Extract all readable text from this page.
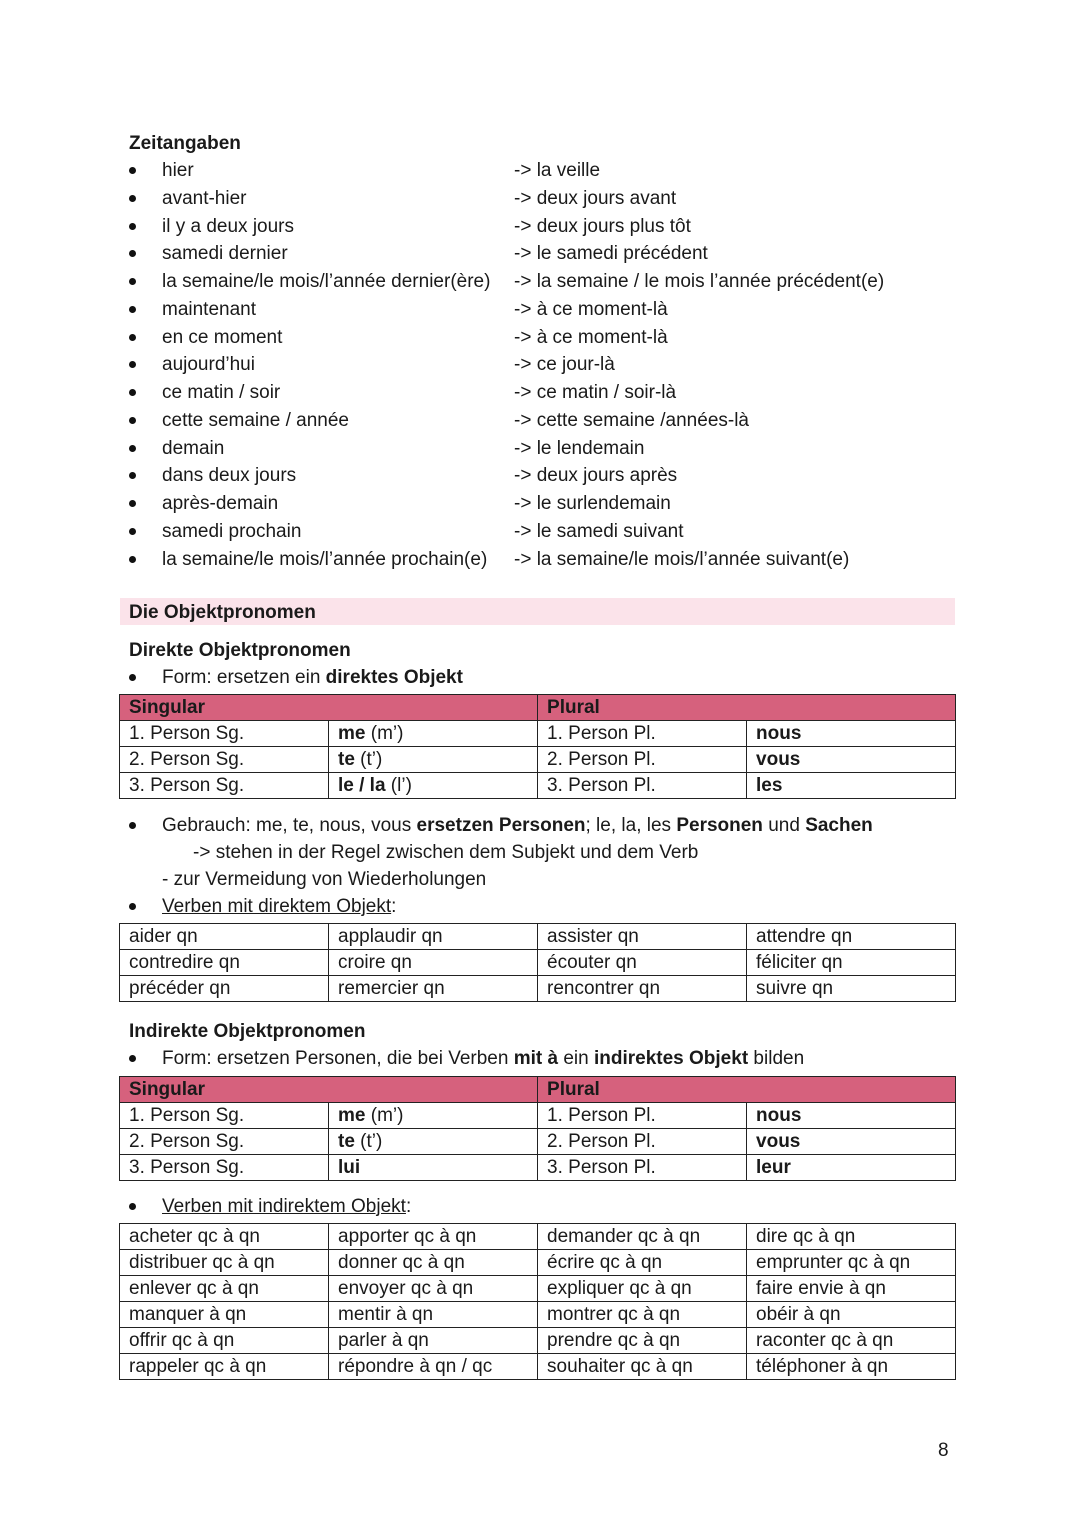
Zeitangaben
hier	-> la veille
avant-hier	-> deux jours avant
il y a deux jours	-> deux jours plus tôt
samedi dernier	-> le samedi précédent
la semaine/le mois/l’année dernier(ère) -> la semaine / le mois l’année précédent(e)
maintenant	-> à ce moment-là
en ce moment	-> à ce moment-là
aujourd’hui	-> ce jour-là
ce matin / soir	-> ce matin / soir-là
cette semaine / année	-> cette semaine /années-là
demain	-> le lendemain
dans deux jours	-> deux jours après
après-demain	-> le surlendemain
samedi prochain	-> le samedi suivant
la semaine/le mois/l’année prochain(e) -> la semaine/le mois/l’année suivant(e)
Die Objektpronomen
Direkte Objektpronomen
Form: ersetzen ein direktes Objekt
Singular		Plural	
1. Person Sg.	me (m’)	1. Person Pl.	nous
2. Person Sg.	te (t’)	2. Person Pl.	vous
3. Person Sg.	le / la (l’)	3. Person Pl.	les
Gebrauch: me, te, nous, vous ersetzen Personen; le, la, les Personen und Sachen
-> stehen in der Regel zwischen dem Subjekt und dem Verb
- zur Vermeidung von Wiederholungen
Verben mit direktem Objekt:
aider qn	applaudir qn	assister qn	attendre qn
contredire qn	croire qn	écouter qn	féliciter qn
précéder qn	remercier qn	rencontrer qn	suivre qn
Indirekte Objektpronomen
Form: ersetzen Personen, die bei Verben mit à ein indirektes Objekt bilden
Singular		Plural	
1. Person Sg.	me (m’)	1. Person Pl.	nous
2. Person Sg.	te (t’)	2. Person Pl.	vous
3. Person Sg.	lui	3. Person Pl.	leur
Verben mit indirektem Objekt:
acheter qc à qn	apporter qc à qn	demander qc à qn	dire qc à qn
distribuer qc à qn	donner qc à qn	écrire qc à qn	emprunter qc à qn
enlever qc à qn	envoyer qc à qn	expliquer qc à qn	faire envie à qn
manquer à qn	mentir à qn	montrer qc à qn	obéir à qn
offrir qc à qn	parler à qn	prendre qc à qn	raconter qc à qn
rappeler qc à qn	répondre à qn / qc	souhaiter qc à qn	téléphoner à qn
8
